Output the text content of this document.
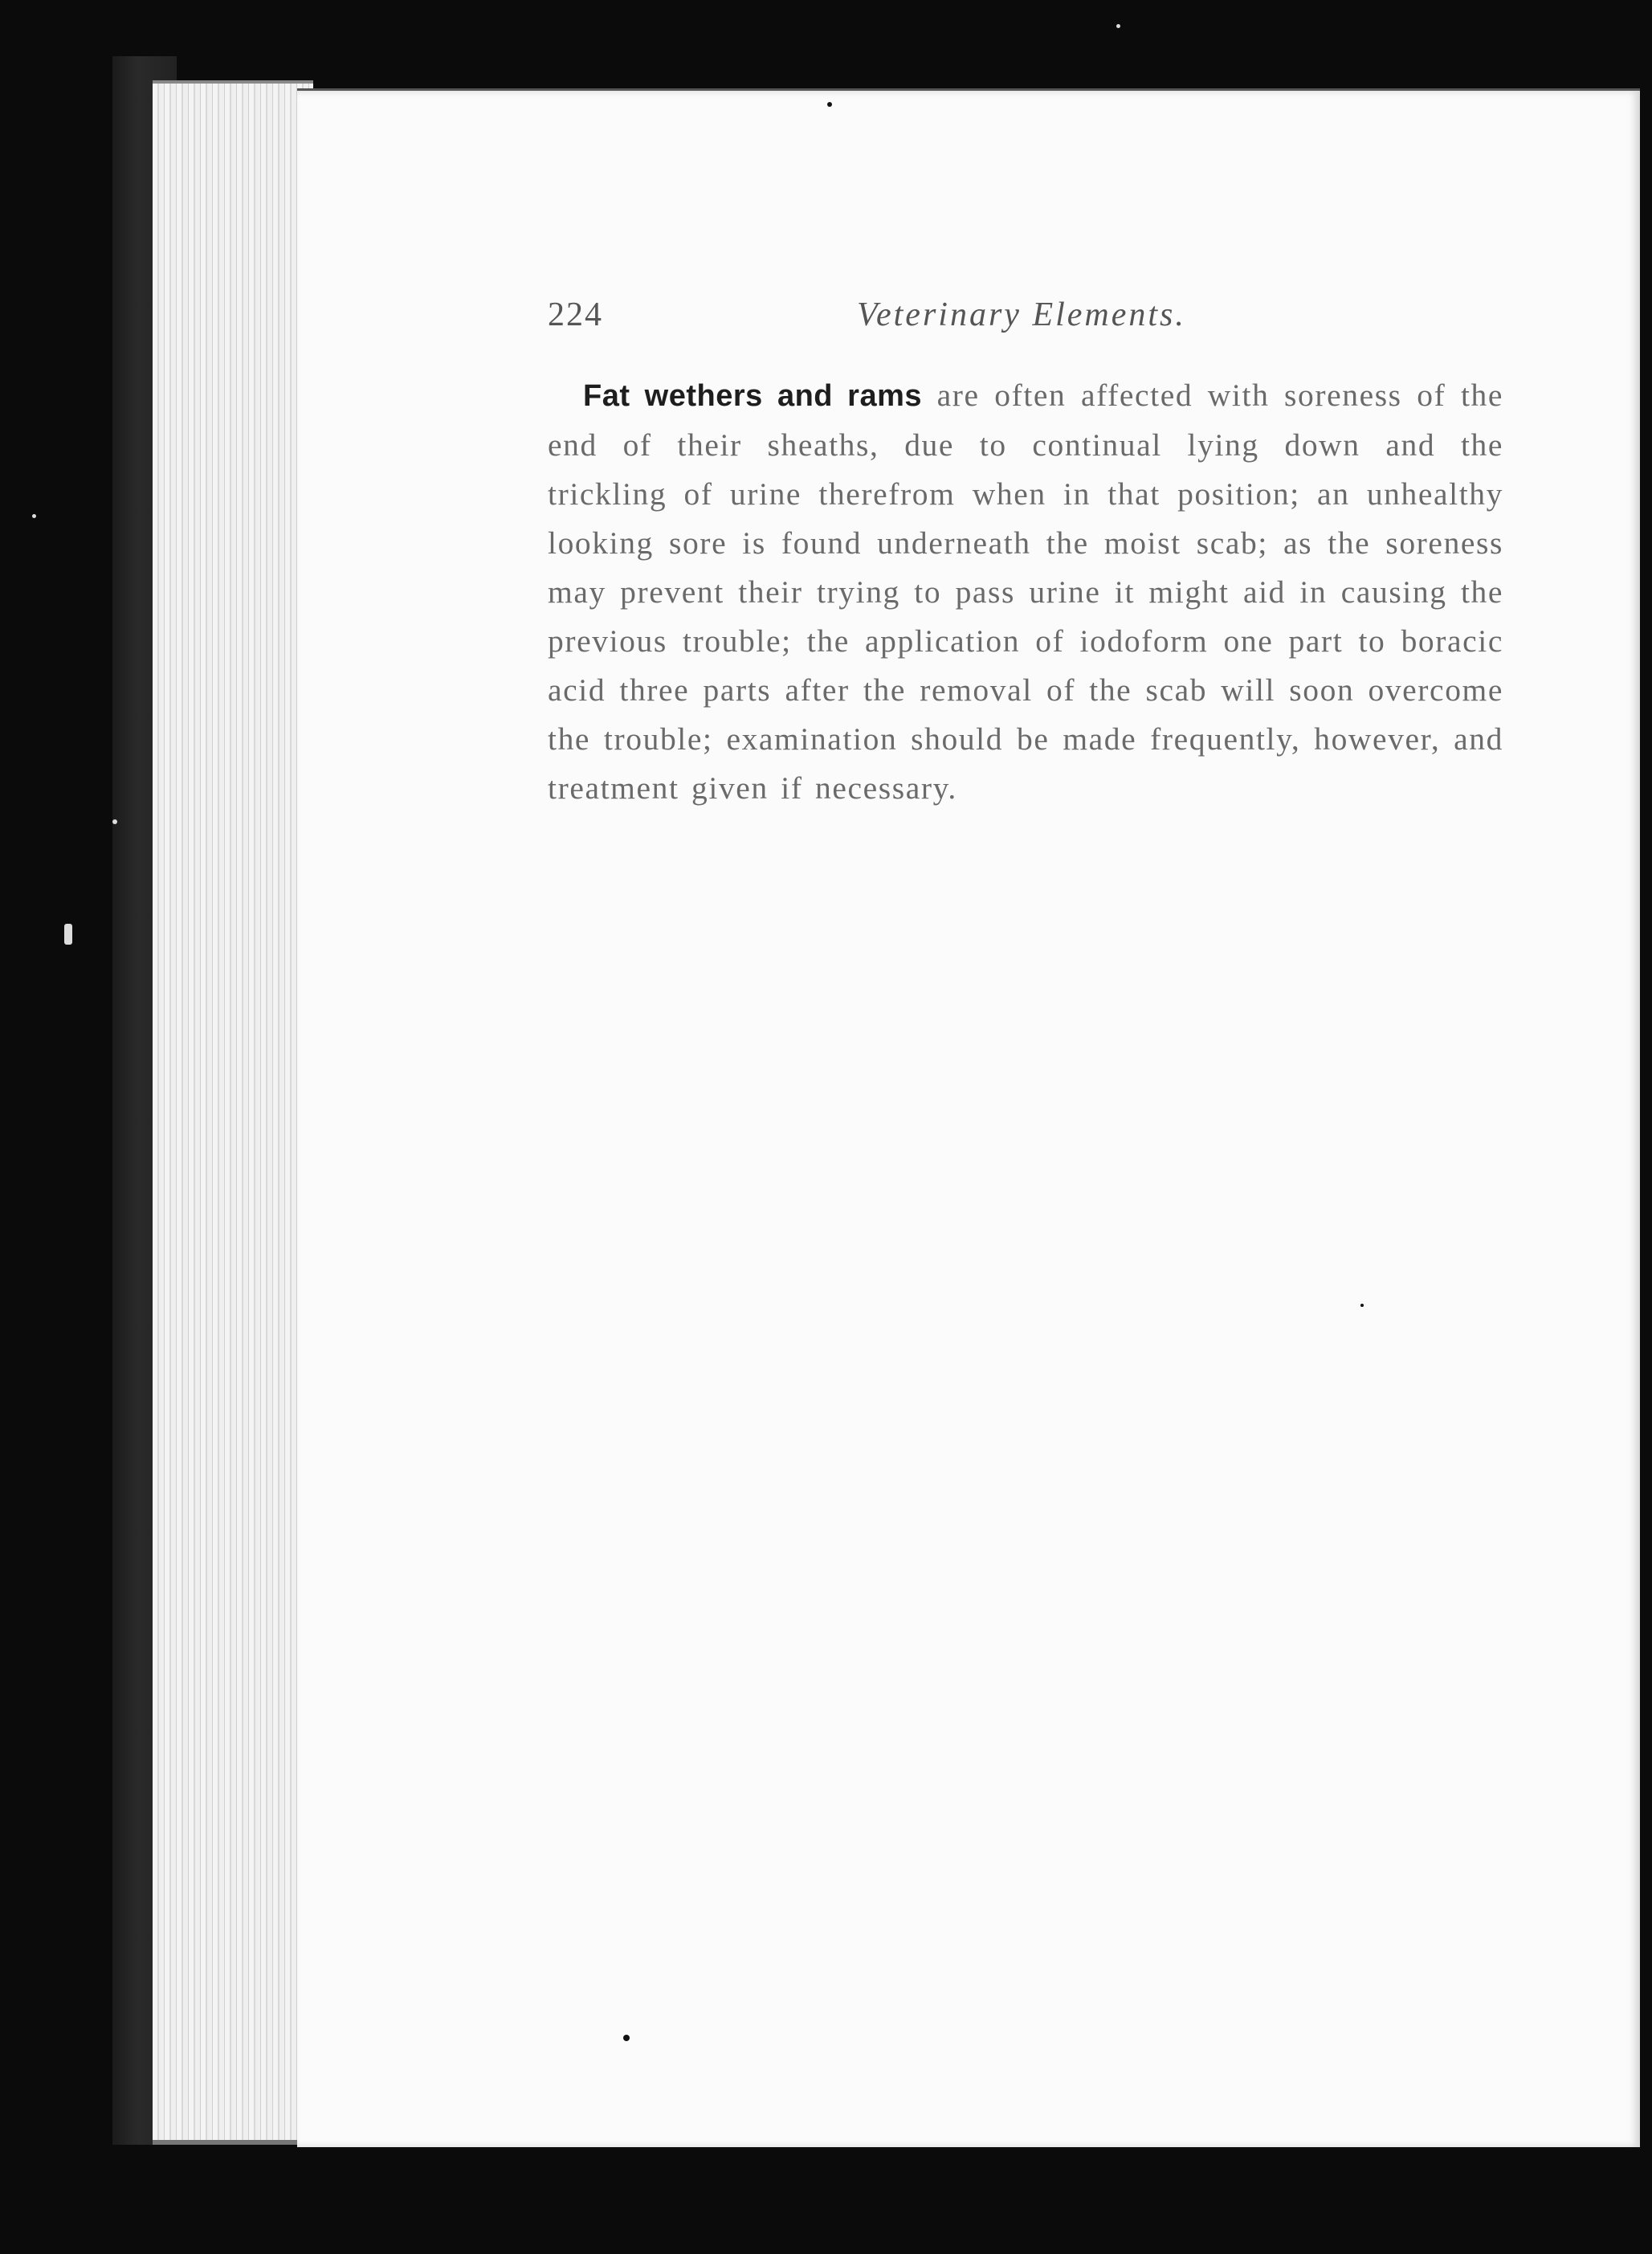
224	Veterinary Elements.

Fat wethers and rams are often affected with soreness of the end of their sheaths, due to continual lying down and the trickling of urine therefrom when in that position; an unhealthy looking sore is found underneath the moist scab; as the soreness may prevent their trying to pass urine it might aid in causing the previous trouble; the application of iodoform one part to boracic acid three parts after the removal of the scab will soon overcome the trouble; examination should be made frequently, however, and treatment given if necessary.
